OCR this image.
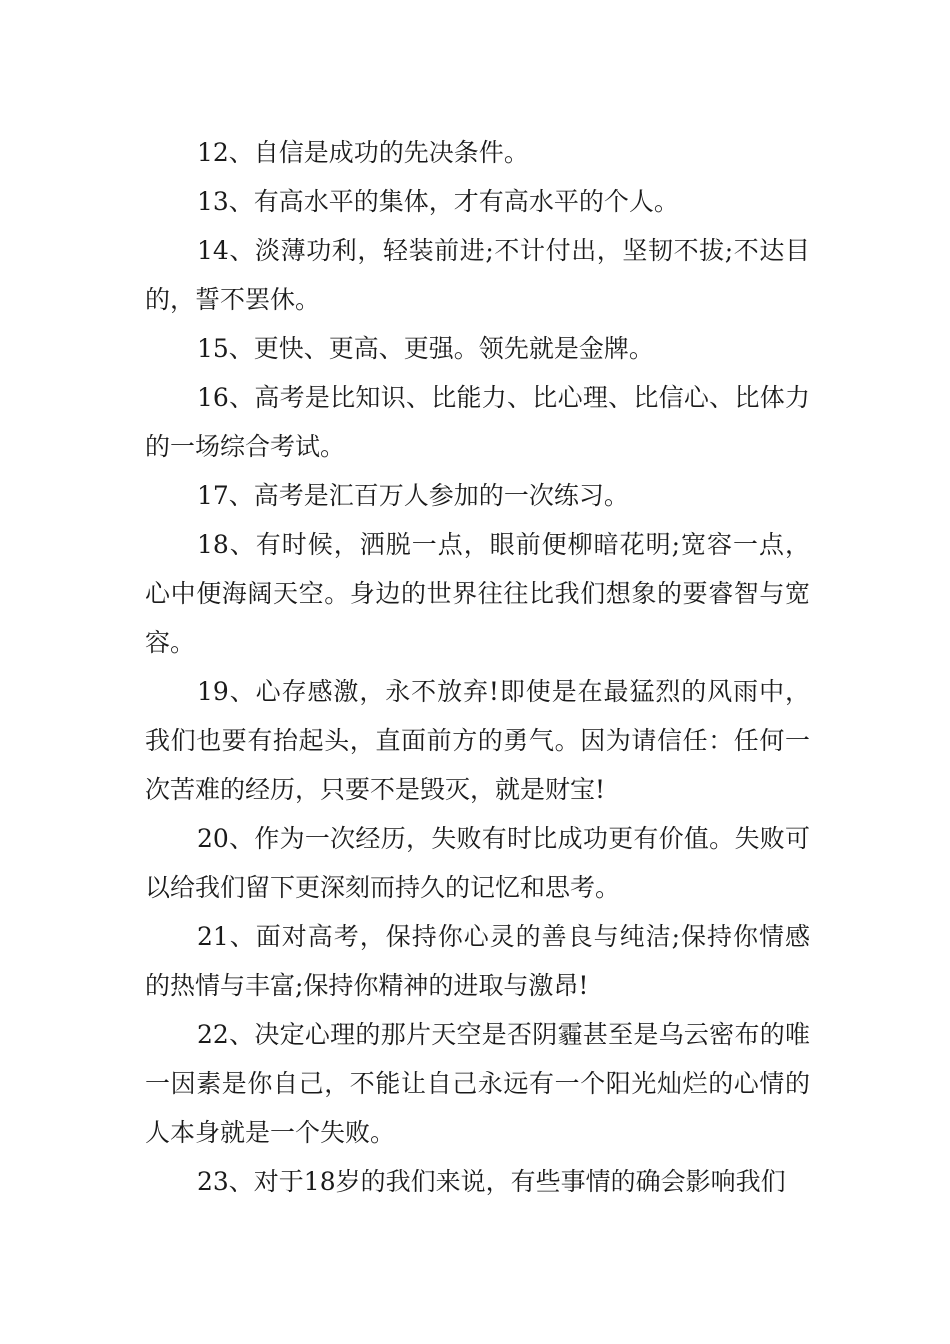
12、自信是成功的先决条件。

13、有高水平的集体，才有高水平的个人。

14、淡薄功利，轻装前进;不计付出，坚韧不拔;不达目的，誓不罢休。

15、更快、更高、更强。领先就是金牌。

16、高考是比知识、比能力、比心理、比信心、比体力的一场综合考试。

17、高考是汇百万人参加的一次练习。

18、有时候，洒脱一点，眼前便柳暗花明;宽容一点，心中便海阔天空。身边的世界往往比我们想象的要睿智与宽容。

19、心存感激，永不放弃!即使是在最猛烈的风雨中，我们也要有抬起头，直面前方的勇气。因为请信任：任何一次苦难的经历，只要不是毁灭，就是财宝!

20、作为一次经历，失败有时比成功更有价值。失败可以给我们留下更深刻而持久的记忆和思考。

21、面对高考，保持你心灵的善良与纯洁;保持你情感的热情与丰富;保持你精神的进取与激昂!

22、决定心理的那片天空是否阴霾甚至是乌云密布的唯一因素是你自己，不能让自己永远有一个阳光灿烂的心情的人本身就是一个失败。

23、对于18岁的我们来说，有些事情的确会影响我们
